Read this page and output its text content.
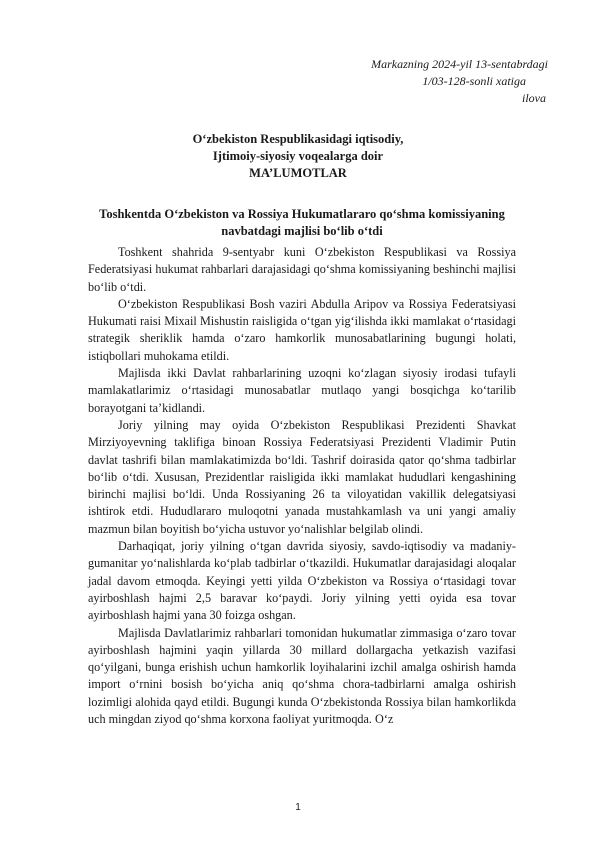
Markazning 2024-yil 13-sentabrdagi
1/03-128-sonli xatiga
ilova
O‘zbekiston Respublikasidagi iqtisodiy,
Ijtimoiy-siyosiy voqealarga doir
MA’LUMOTLAR
Toshkentda O‘zbekiston va Rossiya Hukumatlararo qo‘shma komissiyaning
navbatdagi majlisi bo‘lib o‘tdi

Toshkent shahrida 9-sentyabr kuni O‘zbekiston Respublikasi va Rossiya Federatsiyasi hukumat rahbarlari darajasidagi qo‘shma komissiyaning beshinchi majlisi bo‘lib o‘tdi.

O‘zbekiston Respublikasi Bosh vaziri Abdulla Aripov va Rossiya Federatsiyasi Hukumati raisi Mixail Mishustin raisligida o‘tgan yig‘ilishda ikki mamlakat o‘rtasidagi strategik sheriklik hamda o‘zaro hamkorlik munosabatlarining bugungi holati, istiqbollari muhokama etildi.

Majlisda ikki Davlat rahbarlarining uzoqni ko‘zlagan siyosiy irodasi tufayli mamlakatlarimiz o‘rtasidagi munosabatlar mutlaqo yangi bosqichga ko‘tarilib borayotgani ta’kidlandi.

Joriy yilning may oyida O‘zbekiston Respublikasi Prezidenti Shavkat Mirziyoyevning taklifiga binoan Rossiya Federatsiyasi Prezidenti Vladimir Putin davlat tashrifi bilan mamlakatimizda bo‘ldi. Tashrif doirasida qator qo‘shma tadbirlar bo‘lib o‘tdi. Xususan, Prezidentlar raisligida ikki mamlakat hududlari kengashining birinchi majlisi bo‘ldi. Unda Rossiyaning 26 ta viloyatidan vakillik delegatsiyasi ishtirok etdi. Hududlararo muloqotni yanada mustahkamlash va uni yangi amaliy mazmun bilan boyitish bo‘yicha ustuvor yo‘nalishlar belgilab olindi.

Darhaqiqat, joriy yilning o‘tgan davrida siyosiy, savdo-iqtisodiy va madaniy-gumanitar yo‘nalishlarda ko‘plab tadbirlar o‘tkazildi. Hukumatlar darajasidagi aloqalar jadal davom etmoqda. Keyingi yetti yilda O‘zbekiston va Rossiya o‘rtasidagi tovar ayirboshlash hajmi 2,5 baravar ko‘paydi. Joriy yilning yetti oyida esa tovar ayirboshlash hajmi yana 30 foizga oshgan.

Majlisda Davlatlarimiz rahbarlari tomonidan hukumatlar zimmasiga o‘zaro tovar ayirboshlash hajmini yaqin yillarda 30 millard dollargacha yetkazish vazifasi qo‘yilgani, bunga erishish uchun hamkorlik loyihalarini izchil amalga oshirish hamda import o‘rnini bosish bo‘yicha aniq qo‘shma chora-tadbirlarni amalga oshirish lozimligi alohida qayd etildi. Bugungi kunda O‘zbekistonda Rossiya bilan hamkorlikda uch mingdan ziyod qo‘shma korxona faoliyat yuritmoqda. O‘z

1
